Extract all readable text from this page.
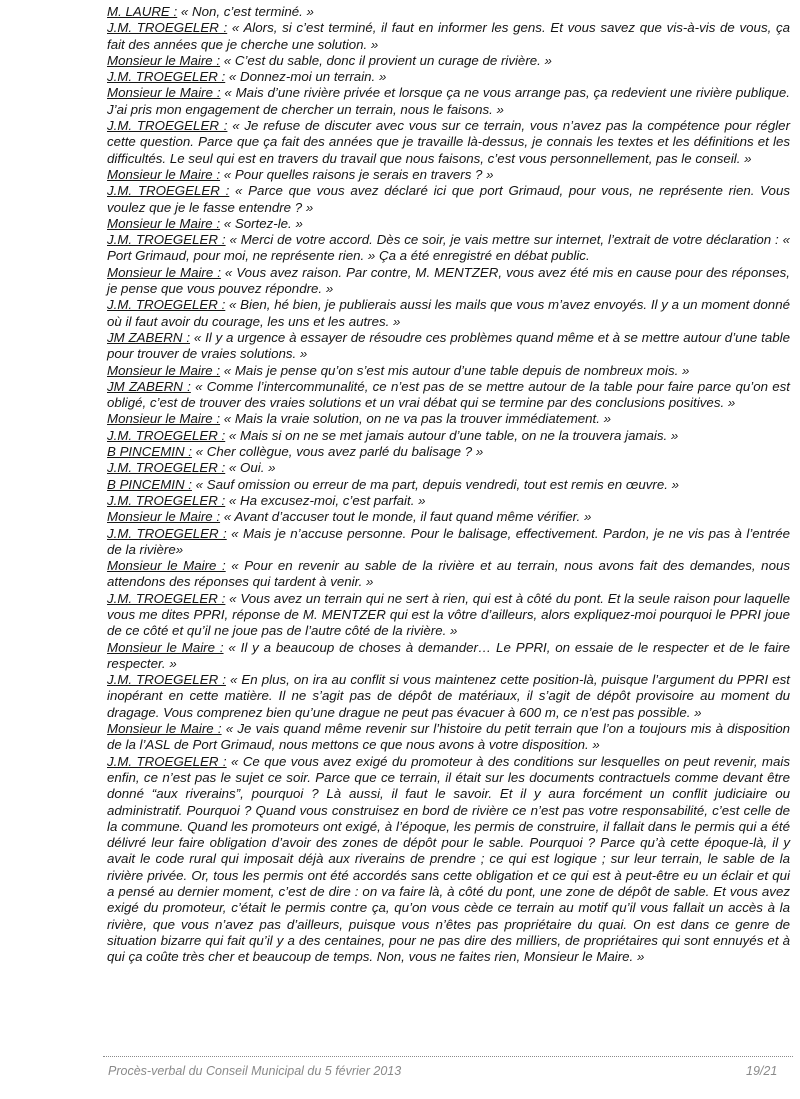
M. LAURE : « Non, c’est terminé. »

J.M. TROEGELER : « Alors, si c’est terminé, il faut en informer les gens. Et vous savez que vis-à-vis de vous, ça fait des années que je cherche une solution. »

Monsieur le Maire : « C’est du sable, donc il provient un curage de rivière. »

J.M. TROEGELER : « Donnez-moi un terrain. »

Monsieur le Maire : « Mais d’une rivière privée et lorsque ça ne vous arrange pas, ça redevient une rivière publique. J’ai pris mon engagement de chercher un terrain, nous le faisons. »

J.M. TROEGELER : « Je refuse de discuter avec vous sur ce terrain, vous n’avez pas la compétence pour régler cette question. Parce que ça fait des années que je travaille là-dessus, je connais les textes et les définitions et les difficultés. Le seul qui est en travers du travail que nous faisons, c’est vous personnellement, pas le conseil. »

Monsieur le Maire : « Pour quelles raisons je serais en travers ? »

J.M. TROEGELER : « Parce que vous avez déclaré ici que port Grimaud, pour vous, ne représente rien. Vous voulez que je le fasse entendre ? »

Monsieur le Maire : « Sortez-le. »

J.M. TROEGELER : « Merci de votre accord. Dès ce soir, je vais mettre sur internet, l’extrait de votre déclaration : « Port Grimaud, pour moi, ne représente rien. » Ça a été enregistré en débat public.

Monsieur le Maire : « Vous avez raison. Par contre, M. MENTZER, vous avez été mis en cause pour des réponses, je pense que vous pouvez répondre. »

J.M. TROEGELER : « Bien, hé bien, je publierais aussi les mails que vous m’avez envoyés. Il y a un moment donné où il faut avoir du courage, les uns et les autres. »

JM ZABERN : « Il y a urgence à essayer de résoudre ces problèmes quand même et à se mettre autour d’une table pour trouver de vraies solutions. »

Monsieur le Maire : « Mais je pense qu’on s’est mis autour d’une table depuis de nombreux mois. »

JM ZABERN : « Comme l’intercommunalité, ce n’est pas de se mettre autour de la table pour faire parce qu’on est obligé, c’est de trouver des vraies solutions et un vrai débat qui se termine par des conclusions positives. »

Monsieur le Maire : « Mais la vraie solution, on ne va pas la trouver immédiatement. »

J.M. TROEGELER : « Mais si on ne se met jamais autour d’une table, on ne la trouvera jamais. »

B PINCEMIN : « Cher collègue, vous avez parlé du balisage ? »

J.M. TROEGELER : « Oui. »

B PINCEMIN : « Sauf omission ou erreur de ma part, depuis vendredi, tout est remis en œuvre. »

J.M. TROEGELER : « Ha excusez-moi, c’est parfait. »

Monsieur le Maire : « Avant d’accuser tout le monde, il faut quand même vérifier. »

J.M. TROEGELER : « Mais je n’accuse personne. Pour le balisage, effectivement. Pardon, je ne vis pas à l’entrée de la rivière»

Monsieur le Maire : « Pour en revenir au sable de la rivière et au terrain, nous avons fait des demandes, nous attendons des réponses qui tardent à venir. »

J.M. TROEGELER : « Vous avez un terrain qui ne sert à rien, qui est à côté du pont. Et la seule raison pour laquelle vous me dites PPRI, réponse de M. MENTZER qui est la vôtre d’ailleurs, alors expliquez-moi pourquoi le PPRI joue de ce côté et qu’il ne joue pas de l’autre côté de la rivière. »

Monsieur le Maire : « Il y a beaucoup de choses à demander… Le PPRI, on essaie de le respecter et de le faire respecter. »

J.M. TROEGELER : « En plus, on ira au conflit si vous maintenez cette position-là, puisque l’argument du PPRI est inopérant en cette matière. Il ne s’agit pas de dépôt de matériaux, il s’agit de dépôt provisoire au moment du dragage. Vous comprenez bien qu’une drague ne peut pas évacuer à 600 m, ce n’est pas possible. »

Monsieur le Maire : « Je vais quand même revenir sur l’histoire du petit terrain que l’on a toujours mis à disposition de la l’ASL de Port Grimaud, nous mettons ce que nous avons à votre disposition. »

J.M. TROEGELER : « Ce que vous avez exigé du promoteur à des conditions sur lesquelles on peut revenir, mais enfin, ce n’est pas le sujet ce soir. Parce que ce terrain, il était sur les documents contractuels comme devant être donné “aux riverains”, pourquoi ? Là aussi, il faut le savoir. Et il y aura forcément un conflit judiciaire ou administratif. Pourquoi ? Quand vous construisez en bord de rivière ce n’est pas votre responsabilité, c’est celle de la commune. Quand les promoteurs ont exigé, à l’époque, les permis de construire, il fallait dans le permis qui a été délivré leur faire obligation d’avoir des zones de dépôt pour le sable. Pourquoi ? Parce qu’à cette époque-là, il y avait le code rural qui imposait déjà aux riverains de prendre ; ce qui est logique ; sur leur terrain, le sable de la rivière privée. Or, tous les permis ont été accordés sans cette obligation et ce qui est à peut-être eu un éclair et qui a pensé au dernier moment, c’est de dire : on va faire là, à côté du pont, une zone de dépôt de sable. Et vous avez exigé du promoteur, c’était le permis contre ça, qu’on vous cède ce terrain au motif qu’il vous fallait un accès à la rivière, que vous n’avez pas d’ailleurs, puisque vous n’êtes pas propriétaire du quai. On est dans ce genre de situation bizarre qui fait qu’il y a des centaines, pour ne pas dire des milliers, de propriétaires qui sont ennuyés et à qui ça coûte très cher et beaucoup de temps. Non, vous ne faites rien, Monsieur le Maire. »

Procès-verbal du Conseil Municipal du 5 février 2013	19/21
